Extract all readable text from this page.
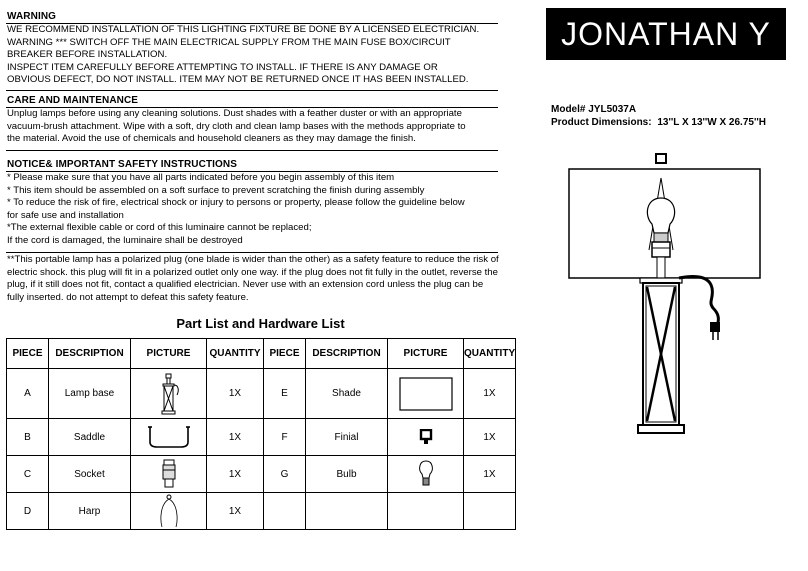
WARNING
WE RECOMMEND INSTALLATION OF THIS LIGHTING FIXTURE BE DONE BY A LICENSED ELECTRICIAN.
WARNING *** SWITCH OFF THE MAIN ELECTRICAL SUPPLY FROM THE MAIN FUSE BOX/CIRCUIT
BREAKER BEFORE INSTALLATION.
INSPECT ITEM CAREFULLY BEFORE ATTEMPTING TO INSTALL. IF THERE IS ANY DAMAGE OR
OBVIOUS DEFECT, DO NOT INSTALL. ITEM MAY NOT BE RETURNED ONCE IT HAS BEEN INSTALLED.
CARE AND MAINTENANCE
Unplug lamps before using any cleaning solutions. Dust shades with a feather duster or with an appropriate
vacuum-brush attachment. Wipe with a soft, dry cloth and clean lamp bases with the methods appropriate to
the material. Avoid the use of chemicals and household cleaners as they may damage the finish.
NOTICE& IMPORTANT SAFETY INSTRUCTIONS
* Please make sure that you have all parts indicated before you begin assembly of this item
* This item should be assembled on a soft surface to prevent scratching the finish during assembly
* To reduce the risk of fire, electrical shock or injury to persons or property, please follow the guideline below
for safe use and installation
*The external flexible cable or cord of this luminaire cannot be replaced;
If the cord is damaged, the luminaire shall be destroyed
**This portable lamp has a polarized plug (one blade is wider than the other) as a safety feature to reduce the risk of
electric shock. this plug will fit in a polarized outlet only one way. if the plug does not fit fully in the outlet, reverse the
plug, if it still does not fit, contact a qualified electrician. Never use with an extension cord unless the plug can be
fully inserted. do not attempt to defeat this safety feature.
JONATHAN Y
Model# JYL5037A
Product Dimensions: 13''L X 13''W X 26.75''H
Part List and Hardware List
PIECE	DESCRIPTION	PICTURE	QUANTITY	PIECE	DESCRIPTION	PICTURE	QUANTITY
A	Lamp base		1X	E	Shade		1X
B	Saddle		1X	F	Finial		1X
C	Socket		1X	G	Bulb		1X
D	Harp		1X				
